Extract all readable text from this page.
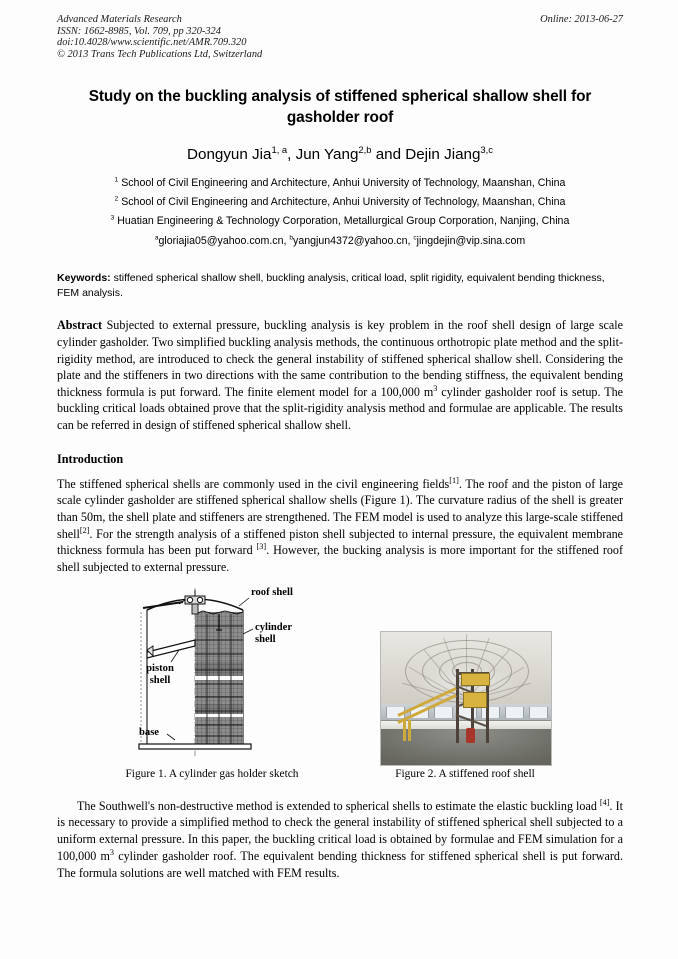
Advanced Materials Research
ISSN: 1662-8985, Vol. 709, pp 320-324
doi:10.4028/www.scientific.net/AMR.709.320
© 2013 Trans Tech Publications Ltd, Switzerland
Online: 2013-06-27
Study on the buckling analysis of stiffened spherical shallow shell for gasholder roof
Dongyun Jia$^{1, a}$, Jun Yang$^{2,b}$ and Dejin Jiang$^{3,c}$
$^1$ School of Civil Engineering and Architecture, Anhui University of Technology, Maanshan, China
$^2$ School of Civil Engineering and Architecture, Anhui University of Technology, Maanshan, China
$^3$ Huatian Engineering & Technology Corporation, Metallurgical Group Corporation, Nanjing, China
$^a$gloriajia05@yahoo.com.cn, $^b$yangjun4372@yahoo.cn, $^c$jingdejin@vip.sina.com
Keywords: stiffened spherical shallow shell, buckling analysis, critical load, split rigidity, equivalent bending thickness, FEM analysis.
Abstract Subjected to external pressure, buckling analysis is key problem in the roof shell design of large scale cylinder gasholder. Two simplified buckling analysis methods, the continuous orthotropic plate method and the split-rigidity method, are introduced to check the general instability of stiffened spherical shallow shell. Considering the plate and the stiffeners in two directions with the same contribution to the bending stiffness, the equivalent bending thickness formula is put forward. The finite element model for a 100,000 $m^3$ cylinder gasholder roof is setup. The buckling critical loads obtained prove that the split-rigidity analysis method and formulae are applicable. The results can be referred in design of stiffened spherical shallow shell.
Introduction
The stiffened spherical shells are commonly used in the civil engineering fields[1]. The roof and the piston of large scale cylinder gasholder are stiffened spherical shallow shells (Figure 1). The curvature radius of the shell is greater than 50m, the shell plate and stiffeners are strengthened. The FEM model is used to analyze this large-scale stiffened shell[2]. For the strength analysis of a stiffened piston shell subjected to internal pressure, the equivalent membrane thickness formula has been put forward [3]. However, the bucking analysis is more important for the stiffened roof shell subjected to external pressure.
roof shell
cylinder
shell
piston
shell
base
Figure 1. A cylinder gas holder sketch	Figure 2. A stiffened roof shell
The Southwell's non-destructive method is extended to spherical shells to estimate the elastic buckling load [4]. It is necessary to provide a simplified method to check the general instability of stiffened spherical shell subjected to a uniform external pressure. In this paper, the buckling critical load is obtained by formulae and FEM simulation for a 100,000 $m^3$ cylinder gasholder roof. The equivalent bending thickness for stiffened spherical shell is put forward. The formula solutions are well matched with FEM results.
